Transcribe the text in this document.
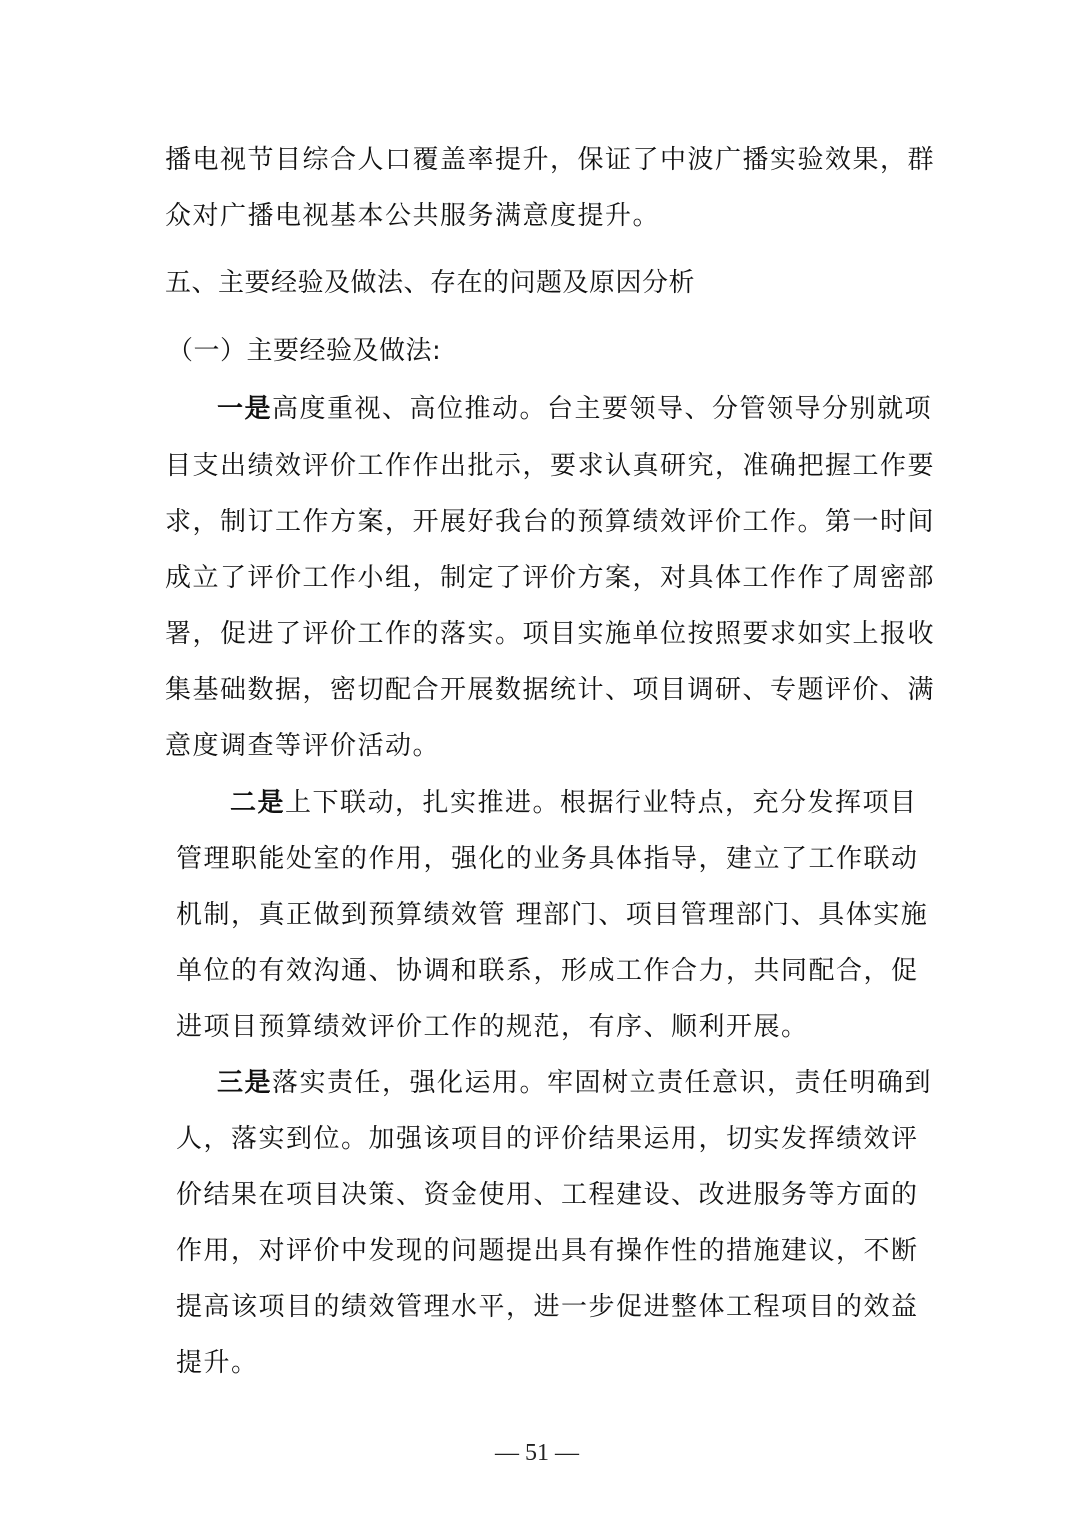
播电视节目综合人口覆盖率提升，保证了中波广播实验效果，群
众对广播电视基本公共服务满意度提升。
五、主要经验及做法、存在的问题及原因分析
（一）主要经验及做法:
一是高度重视、高位推动。台主要领导、分管领导分别就项
目支出绩效评价工作作出批示，要求认真研究，准确把握工作要
求，制订工作方案，开展好我台的预算绩效评价工作。第一时间
成立了评价工作小组，制定了评价方案，对具体工作作了周密部
署，促进了评价工作的落实。项目实施单位按照要求如实上报收
集基础数据，密切配合开展数据统计、项目调研、专题评价、满
意度调查等评价活动。
二是上下联动，扎实推进。根据行业特点，充分发挥项目
管理职能处室的作用，强化的业务具体指导，建立了工作联动
机制，真正做到预算绩效管 理部门、项目管理部门、具体实施
单位的有效沟通、协调和联系，形成工作合力，共同配合，促
进项目预算绩效评价工作的规范，有序、顺利开展。
三是落实责任，强化运用。牢固树立责任意识，责任明确到
人，落实到位。加强该项目的评价结果运用，切实发挥绩效评
价结果在项目决策、资金使用、工程建设、改进服务等方面的
作用，对评价中发现的问题提出具有操作性的措施建议，不断
提高该项目的绩效管理水平，进一步促进整体工程项目的效益
提升。
— 51 —
